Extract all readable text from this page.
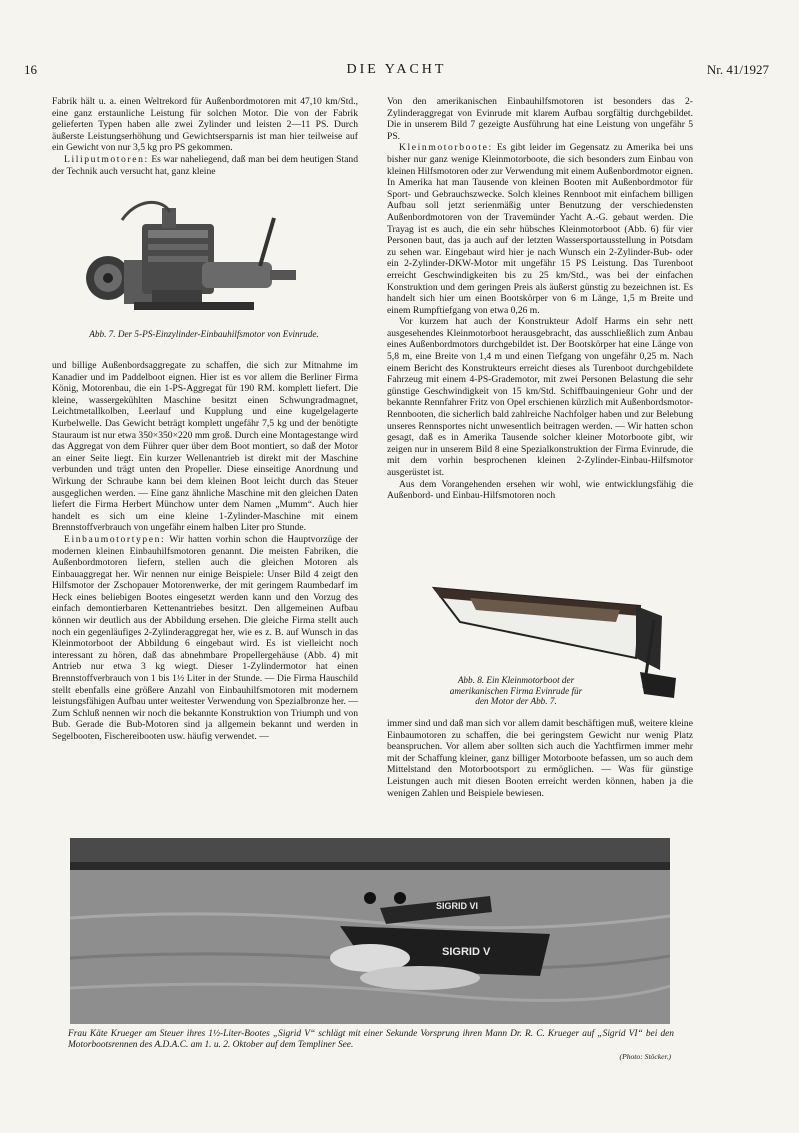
16	DIE YACHT	Nr. 41/1927

Fabrik hält u. a. einen Weltrekord für Außenbordmotoren mit 47,10 km/Std., eine ganz erstaunliche Leistung für solchen Motor. Die von der Fabrik gelieferten Typen haben alle zwei Zylinder und leisten 2—11 PS. Durch äußerste Leistungserhöhung und Gewichtsersparnis ist man hier teilweise auf ein Gewicht von nur 3,5 kg pro PS gekommen.

Liliputmotoren: Es war naheliegend, daß man bei dem heutigen Stand der Technik auch versucht hat, ganz kleine

Abb. 7. Der 5-PS-Einzylinder-Einbauhilfsmotor von Evinrude.

und billige Außenbordsaggregate zu schaffen, die sich zur Mitnahme im Kanadier und im Paddelboot eignen. Hier ist es vor allem die Berliner Firma König, Motorenbau, die ein 1-PS-Aggregat für 190 RM. komplett liefert. Die kleine, wassergekühlten Maschine besitzt einen Schwungradmagnet, Leichtmetallkolben, Leerlauf und Kupplung und eine kugelgelagerte Kurbelwelle. Das Gewicht beträgt komplett ungefähr 7,5 kg und der benötigte Stauraum ist nur etwa 350×350×220 mm groß. Durch eine Montagestange wird das Aggregat von dem Führer quer über dem Boot montiert, so daß der Motor an einer Seite liegt. Ein kurzer Wellenantrieb ist direkt mit der Maschine verbunden und trägt unten den Propeller. Diese einseitige Anordnung und Wirkung der Schraube kann bei dem kleinen Boot leicht durch das Steuer ausgeglichen werden. — Eine ganz ähnliche Maschine mit den gleichen Daten liefert die Firma Herbert Münchow unter dem Namen „Mumm“. Auch hier handelt es sich um eine kleine 1-Zylinder-Maschine mit einem Brennstoffverbrauch von ungefähr einem halben Liter pro Stunde.

Einbaumotortypen: Wir hatten vorhin schon die Hauptvorzüge der modernen kleinen Einbauhilfsmotoren genannt. Die meisten Fabriken, die Außenbordmotoren liefern, stellen auch die gleichen Motoren als Einbauaggregat her. Wir nennen nur einige Beispiele: Unser Bild 4 zeigt den Hilfsmotor der Zschopauer Motorenwerke, der mit geringem Raumbedarf im Heck eines beliebigen Bootes eingesetzt werden kann und den Vorzug des einfach demontierbaren Kettenantriebes besitzt. Den allgemeinen Aufbau können wir deutlich aus der Abbildung ersehen. Die gleiche Firma stellt auch noch ein gegenläufiges 2-Zylinderaggregat her, wie es z. B. auf Wunsch in das Kleinmotorboot der Abbildung 6 eingebaut wird. Es ist vielleicht noch interessant zu hören, daß das abnehmbare Propellergehäuse (Abb. 4) mit Antrieb nur etwa 3 kg wiegt. Dieser 1-Zylindermotor hat einen Brennstoffverbrauch von 1 bis 1½ Liter in der Stunde. — Die Firma Hauschild stellt ebenfalls eine größere Anzahl von Einbauhilfsmotoren mit modernem leistungsfähigen Aufbau unter weitester Verwendung von Spezialbronze her. — Zum Schluß nennen wir noch die bekannte Konstruktion von Triumph und von Bub. Gerade die Bub-Motoren sind ja allgemein bekannt und werden in Segelbooten, Fischereibooten usw. häufig verwendet. —

Von den amerikanischen Einbauhilfsmotoren ist besonders das 2-Zylinderaggregat von Evinrude mit klarem Aufbau sorgfältig durchgebildet. Die in unserem Bild 7 gezeigte Ausführung hat eine Leistung von ungefähr 5 PS.

Kleinmotorboote: Es gibt leider im Gegensatz zu Amerika bei uns bisher nur ganz wenige Kleinmotorboote, die sich besonders zum Einbau von kleinen Hilfsmotoren oder zur Verwendung mit einem Außenbordmotor eignen. In Amerika hat man Tausende von kleinen Booten mit Außenbordmotor für Sport- und Gebrauchszwecke. Solch kleines Rennboot mit einfachem billigen Aufbau soll jetzt serienmäßig unter Benutzung der verschiedensten Außenbordmotoren von der Travemünder Yacht A.-G. gebaut werden. Die Trayag ist es auch, die ein sehr hübsches Kleinmotorboot (Abb. 6) für vier Personen baut, das ja auch auf der letzten Wassersportausstellung in Potsdam zu sehen war. Eingebaut wird hier je nach Wunsch ein 2-Zylinder-Bub- oder ein 2-Zylinder-DKW-Motor mit ungefähr 15 PS Leistung. Das Turenboot erreicht Geschwindigkeiten bis zu 25 km/Std., was bei der einfachen Konstruktion und dem geringen Preis als äußerst günstig zu bezeichnen ist. Es handelt sich hier um einen Bootskörper von 6 m Länge, 1,5 m Breite und einem Rumpftiefgang von etwa 0,26 m.

Vor kurzem hat auch der Konstrukteur Adolf Harms ein sehr nett ausgesehendes Kleinmotorboot herausgebracht, das ausschließlich zum Anbau eines Außenbordmotors durchgebildet ist. Der Bootskörper hat eine Länge von 5,8 m, eine Breite von 1,4 m und einen Tiefgang von ungefähr 0,25 m. Nach einem Bericht des Konstrukteurs erreicht dieses als Turenboot durchgebildete Fahrzeug mit einem 4-PS-Grademotor, mit zwei Personen Belastung die sehr günstige Geschwindigkeit von 15 km/Std. Schiffbauingenieur Gohr und der bekannte Rennfahrer Fritz von Opel erschienen kürzlich mit Außenbordsmotor-Rennbooten, die sicherlich bald zahlreiche Nachfolger haben und zur Belebung unseres Rennsportes nicht unwesentlich beitragen werden. — Wir hatten schon gesagt, daß es in Amerika Tausende solcher kleiner Motorboote gibt, wir zeigen nur in unserem Bild 8 eine Spezialkonstruktion der Firma Evinrude, die mit dem vorhin besprochenen kleinen 2-Zylinder-Einbau-Hilfsmotor ausgerüstet ist.

Aus dem Vorangehenden ersehen wir wohl, wie entwicklungsfähig die Außenbord- und Einbau-Hilfsmotoren noch

Abb. 8. Ein Kleinmotorboot der amerikanischen Firma Evinrude für den Motor der Abb. 7.

immer sind und daß man sich vor allem damit beschäftigen muß, weitere kleine Einbaumotoren zu schaffen, die bei geringstem Gewicht nur wenig Platz beanspruchen. Vor allem aber sollten sich auch die Yachtfirmen immer mehr mit der Schaffung kleiner, ganz billiger Motorboote befassen, um so auch dem Mittelstand den Motorbootsport zu ermöglichen. — Was für günstige Leistungen auch mit diesen Booten erreicht werden können, haben ja die wenigen Zahlen und Beispiele bewiesen.

SIGRID V
SIGRID VI
Frau Käte Krueger am Steuer ihres 1½-Liter-Bootes „Sigrid V“ schlägt mit einer Sekunde Vorsprung ihren Mann Dr. R. C. Krueger auf „Sigrid VI“ bei den Motorbootsrennen des A.D.A.C. am 1. u. 2. Oktober auf dem Templiner See.
(Photo: Stöcker.)
